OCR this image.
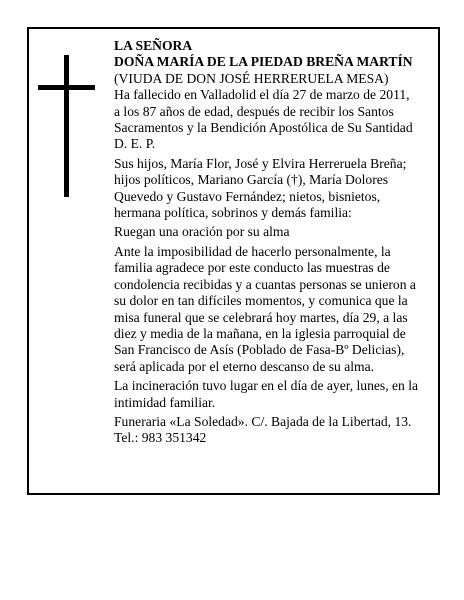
LA SEÑORA
DOÑA MARÍA DE LA PIEDAD BREÑA MARTÍN

(VIUDA DE DON JOSÉ HERRERUELA MESA)
Ha fallecido en Valladolid el día 27 de marzo de 2011,
a los 87 años de edad, después de recibir los Santos
Sacramentos y la Bendición Apostólica de Su Santidad
D. E. P.

Sus hijos, María Flor, José y Elvira Herreruela Breña;
hijos políticos, Mariano García (†), María Dolores
Quevedo y Gustavo Fernández; nietos, bisnietos,
hermana política, sobrinos y demás familia:

Ruegan una oración por su alma

Ante la imposibilidad de hacerlo personalmente, la
familia agradece por este conducto las muestras de
condolencia recibidas y a cuantas personas se unieron a
su dolor en tan difíciles momentos, y comunica que la
misa funeral que se celebrará hoy martes, día 29, a las
diez y media de la mañana, en la iglesia parroquial de
San Francisco de Asís (Poblado de Fasa-Bº Delicias),
será aplicada por el eterno descanso de su alma.

La incineración tuvo lugar en el día de ayer, lunes, en la
intimidad familiar.

Funeraria «La Soledad». C/. Bajada de la Libertad, 13.
Tel.: 983 351342
